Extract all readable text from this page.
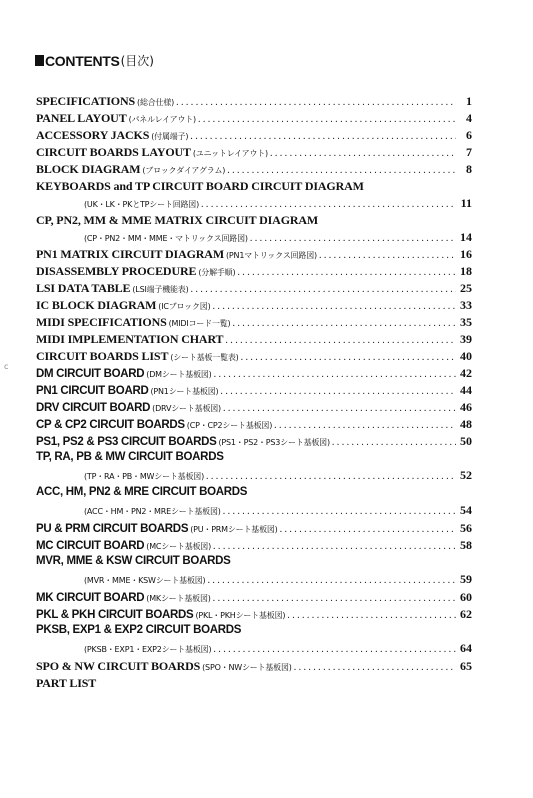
CONTENTS (目次)
c
SPECIFICATIONS (総合仕様) .....	1
PANEL LAYOUT (パネルレイアウト) .....	4
ACCESSORY JACKS (付属端子) .....	6
CIRCUIT BOARDS LAYOUT (ユニットレイアウト) .....	7
BLOCK DIAGRAM (ブロックダイアグラム) .....	8
KEYBOARDS and TP CIRCUIT BOARD CIRCUIT DIAGRAM
(UK・LK・PKとTPシート回路図) .....	11
CP, PN2, MM & MME MATRIX CIRCUIT DIAGRAM
(CP・PN2・MM・MME・マトリックス回路図) .....	14
PN1 MATRIX CIRCUIT DIAGRAM (PN1マトリックス回路図) .....	16
DISASSEMBLY PROCEDURE (分解手順) .....	18
LSI DATA TABLE (LSI端子機能表) .....	25
IC BLOCK DIAGRAM (ICブロック図) .....	33
MIDI SPECIFICATIONS (MIDIコード一覧) .....	35
MIDI IMPLEMENTATION CHART .....	39
CIRCUIT BOARDS LIST (シート基板一覧表) .....	40
DM CIRCUIT BOARD (DMシート基板図) .....	42
PN1 CIRCUIT BOARD (PN1シート基板図) .....	44
DRV CIRCUIT BOARD (DRVシート基板図) .....	46
CP & CP2 CIRCUIT BOARDS (CP・CP2シート基板図) .....	48
PS1, PS2 & PS3 CIRCUIT BOARDS (PS1・PS2・PS3シート基板図) .....	50
TP, RA, PB & MW CIRCUIT BOARDS
(TP・RA・PB・MWシート基板図) .....	52
ACC, HM, PN2 & MRE CIRCUIT BOARDS
(ACC・HM・PN2・MREシート基板図) .....	54
PU & PRM CIRCUIT BOARDS (PU・PRMシート基板図) .....	56
MC CIRCUIT BOARD (MCシート基板図) .....	58
MVR, MME & KSW CIRCUIT BOARDS
(MVR・MME・KSWシート基板図) .....	59
MK CIRCUIT BOARD (MKシート基板図) .....	60
PKL & PKH CIRCUIT BOARDS (PKL・PKHシート基板図) .....	62
PKSB, EXP1 & EXP2 CIRCUIT BOARDS
(PKSB・EXP1・EXP2シート基板図) .....	64
SPO & NW CIRCUIT BOARDS (SPO・NWシート基板図) .....	65
PART LIST
